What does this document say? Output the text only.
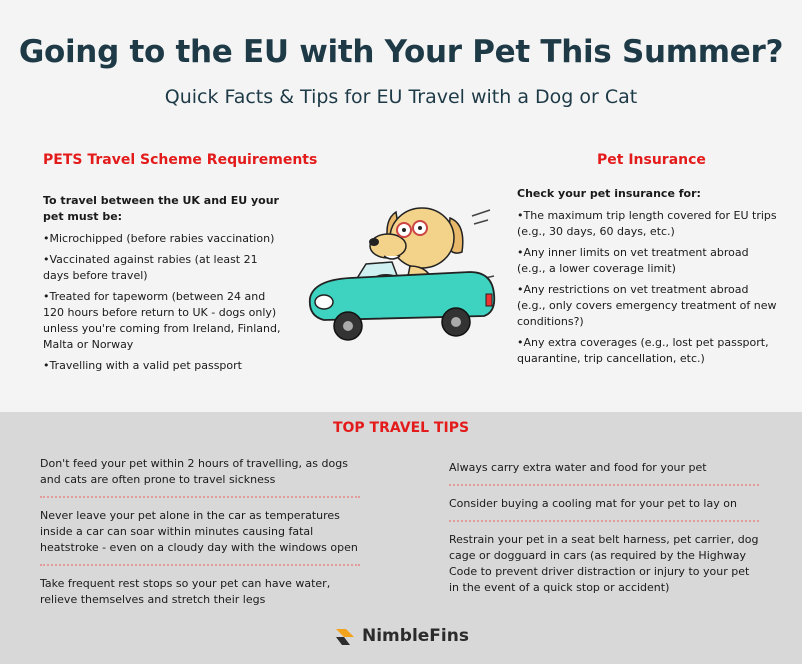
Going to the EU with Your Pet This Summer?
Quick Facts & Tips for EU Travel with a Dog or Cat
PETS Travel Scheme Requirements
To travel between the UK and EU your pet must be:
• Microchipped (before rabies vaccination)
• Vaccinated against rabies (at least 21 days before travel)
• Treated for tapeworm (between 24 and 120 hours before return to UK - dogs only) unless you're coming from Ireland, Finland, Malta or Norway
• Travelling with a valid pet passport
Pet Insurance
Check your pet insurance for:
• The maximum trip length covered for EU trips (e.g., 30 days, 60 days, etc.)
• Any inner limits on vet treatment abroad (e.g., a lower coverage limit)
• Any restrictions on vet treatment abroad (e.g., only covers emergency treatment of new conditions?)
• Any extra coverages (e.g., lost pet passport, quarantine, trip cancellation, etc.)
TOP TRAVEL TIPS
Don't feed your pet within 2 hours of travelling, as dogs and cats are often prone to travel sickness
Never leave your pet alone in the car as temperatures inside a car can soar within minutes causing fatal heatstroke - even on a cloudy day with the windows open
Take frequent rest stops so your pet can have water, relieve themselves and stretch their legs
Always carry extra water and food for your pet
Consider buying a cooling mat for your pet to lay on
Restrain your pet in a seat belt harness, pet carrier, dog cage or dogguard in cars (as required by the Highway Code to prevent driver distraction or injury to your pet in the event of a quick stop or accident)
NimbleFins
